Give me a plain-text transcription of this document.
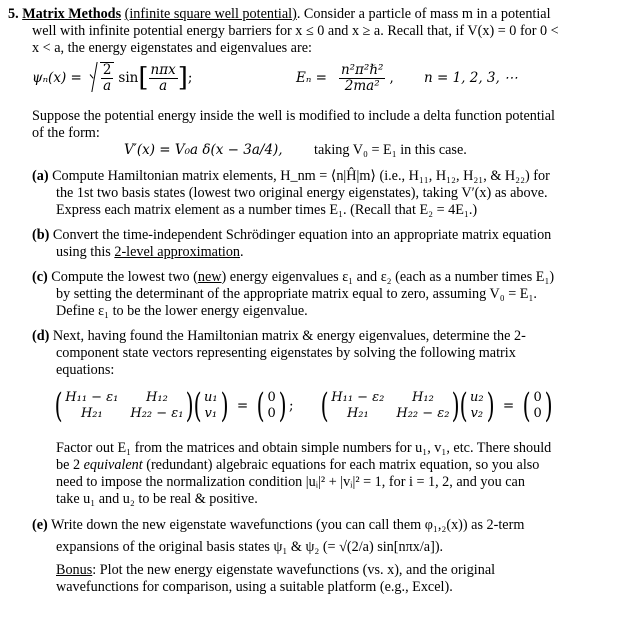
5. Matrix Methods (infinite square well potential). Consider a particle of mass m in a potential
well with infinite potential energy barriers for x ≤ 0 and x ≥ a. Recall that, if V(x) = 0 for 0 <
x < a, the energy eigenstates and eigenvalues are:
$\psi_n(x) = \frac{2}{a}$ sin [ $\frac{\text{nπx}}{a}$ ] ;	$E_n = \frac{\text{n²π²ℏ²}}{\text{2ma²}}$ , n = 1, 2, 3, ⋯
Suppose the potential energy inside the well is modified to include a delta function potential
of the form:
V′(x) = V₀a δ(x − 3a/4), taking V₀ = E₁ in this case.
(a) Compute Hamiltonian matrix elements, H_nm = ⟨n|Ĥ|m⟩ (i.e., H₁₁, H₁₂, H₂₁, & H₂₂) for
the 1st two basis states (lowest two original energy eigenstates), taking V′(x) as above.
Express each matrix element as a number times E₁. (Recall that E₂ = 4E₁.)
(b) Convert the time-independent Schrödinger equation into an appropriate matrix equation
using this 2-level approximation.
(c) Compute the lowest two (new) energy eigenvalues ε₁ and ε₂ (each as a number times E₁)
by setting the determinant of the appropriate matrix equal to zero, assuming V₀ = E₁.
Define ε₁ to be the lower energy eigenvalue.
(d) Next, having found the Hamiltonian matrix & energy eigenvalues, determine the 2-
component state vectors representing eigenstates by solving the following matrix
equations:
( H₁₁ − ε₁	H₁₂
H₂₁	H₂₂ − ε₁ ) ( u₁
v₁ ) = ( 0
0 ) ; ( H₁₁ − ε₂	H₁₂
H₂₁	H₂₂ − ε₂ ) ( u₂
v₂ ) = ( 0
0 )
Factor out E₁ from the matrices and obtain simple numbers for u₁, v₁, etc. There should
be 2 equivalent (redundant) algebraic equations for each matrix equation, so you also
need to impose the normalization condition |uᵢ|² + |vᵢ|² = 1, for i = 1, 2, and you can
take u₁ and u₂ to be real & positive.
(e) Write down the new eigenstate wavefunctions (you can call them φ₁,₂(x)) as 2-term
expansions of the original basis states ψ₁ & ψ₂ (= √(2/a) sin[nπx/a]).
Bonus: Plot the new energy eigenstate wavefunctions (vs. x), and the original
wavefunctions for comparison, using a suitable platform (e.g., Excel).
